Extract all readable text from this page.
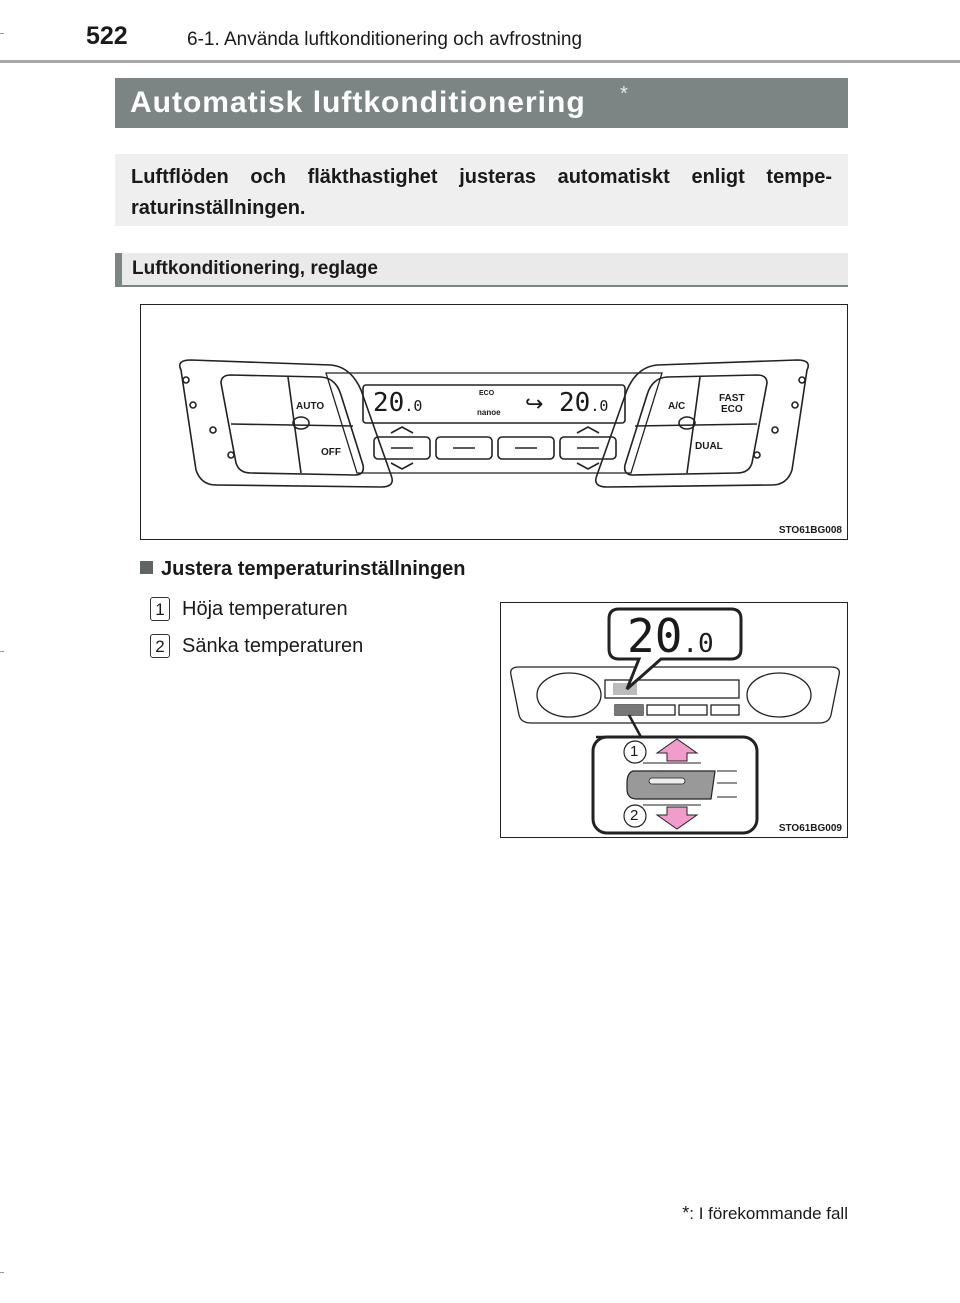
522	6-1. Använda luftkonditionering och avfrostning
Automatisk luftkonditionering *
Luftflöden och fläkthastighet justeras automatiskt enligt tempe-raturinställningen.
Luftkonditionering, reglage
AUTO
OFF
20.0
ECO
nanoe ↪ 20.0	A/C
FAST
ECO
DUAL
STO61BG008
Justera temperaturinställningen
1 Höja temperaturen
2 Sänka temperaturen	20.0
1
2
STO61BG009
*: I förekommande fall
